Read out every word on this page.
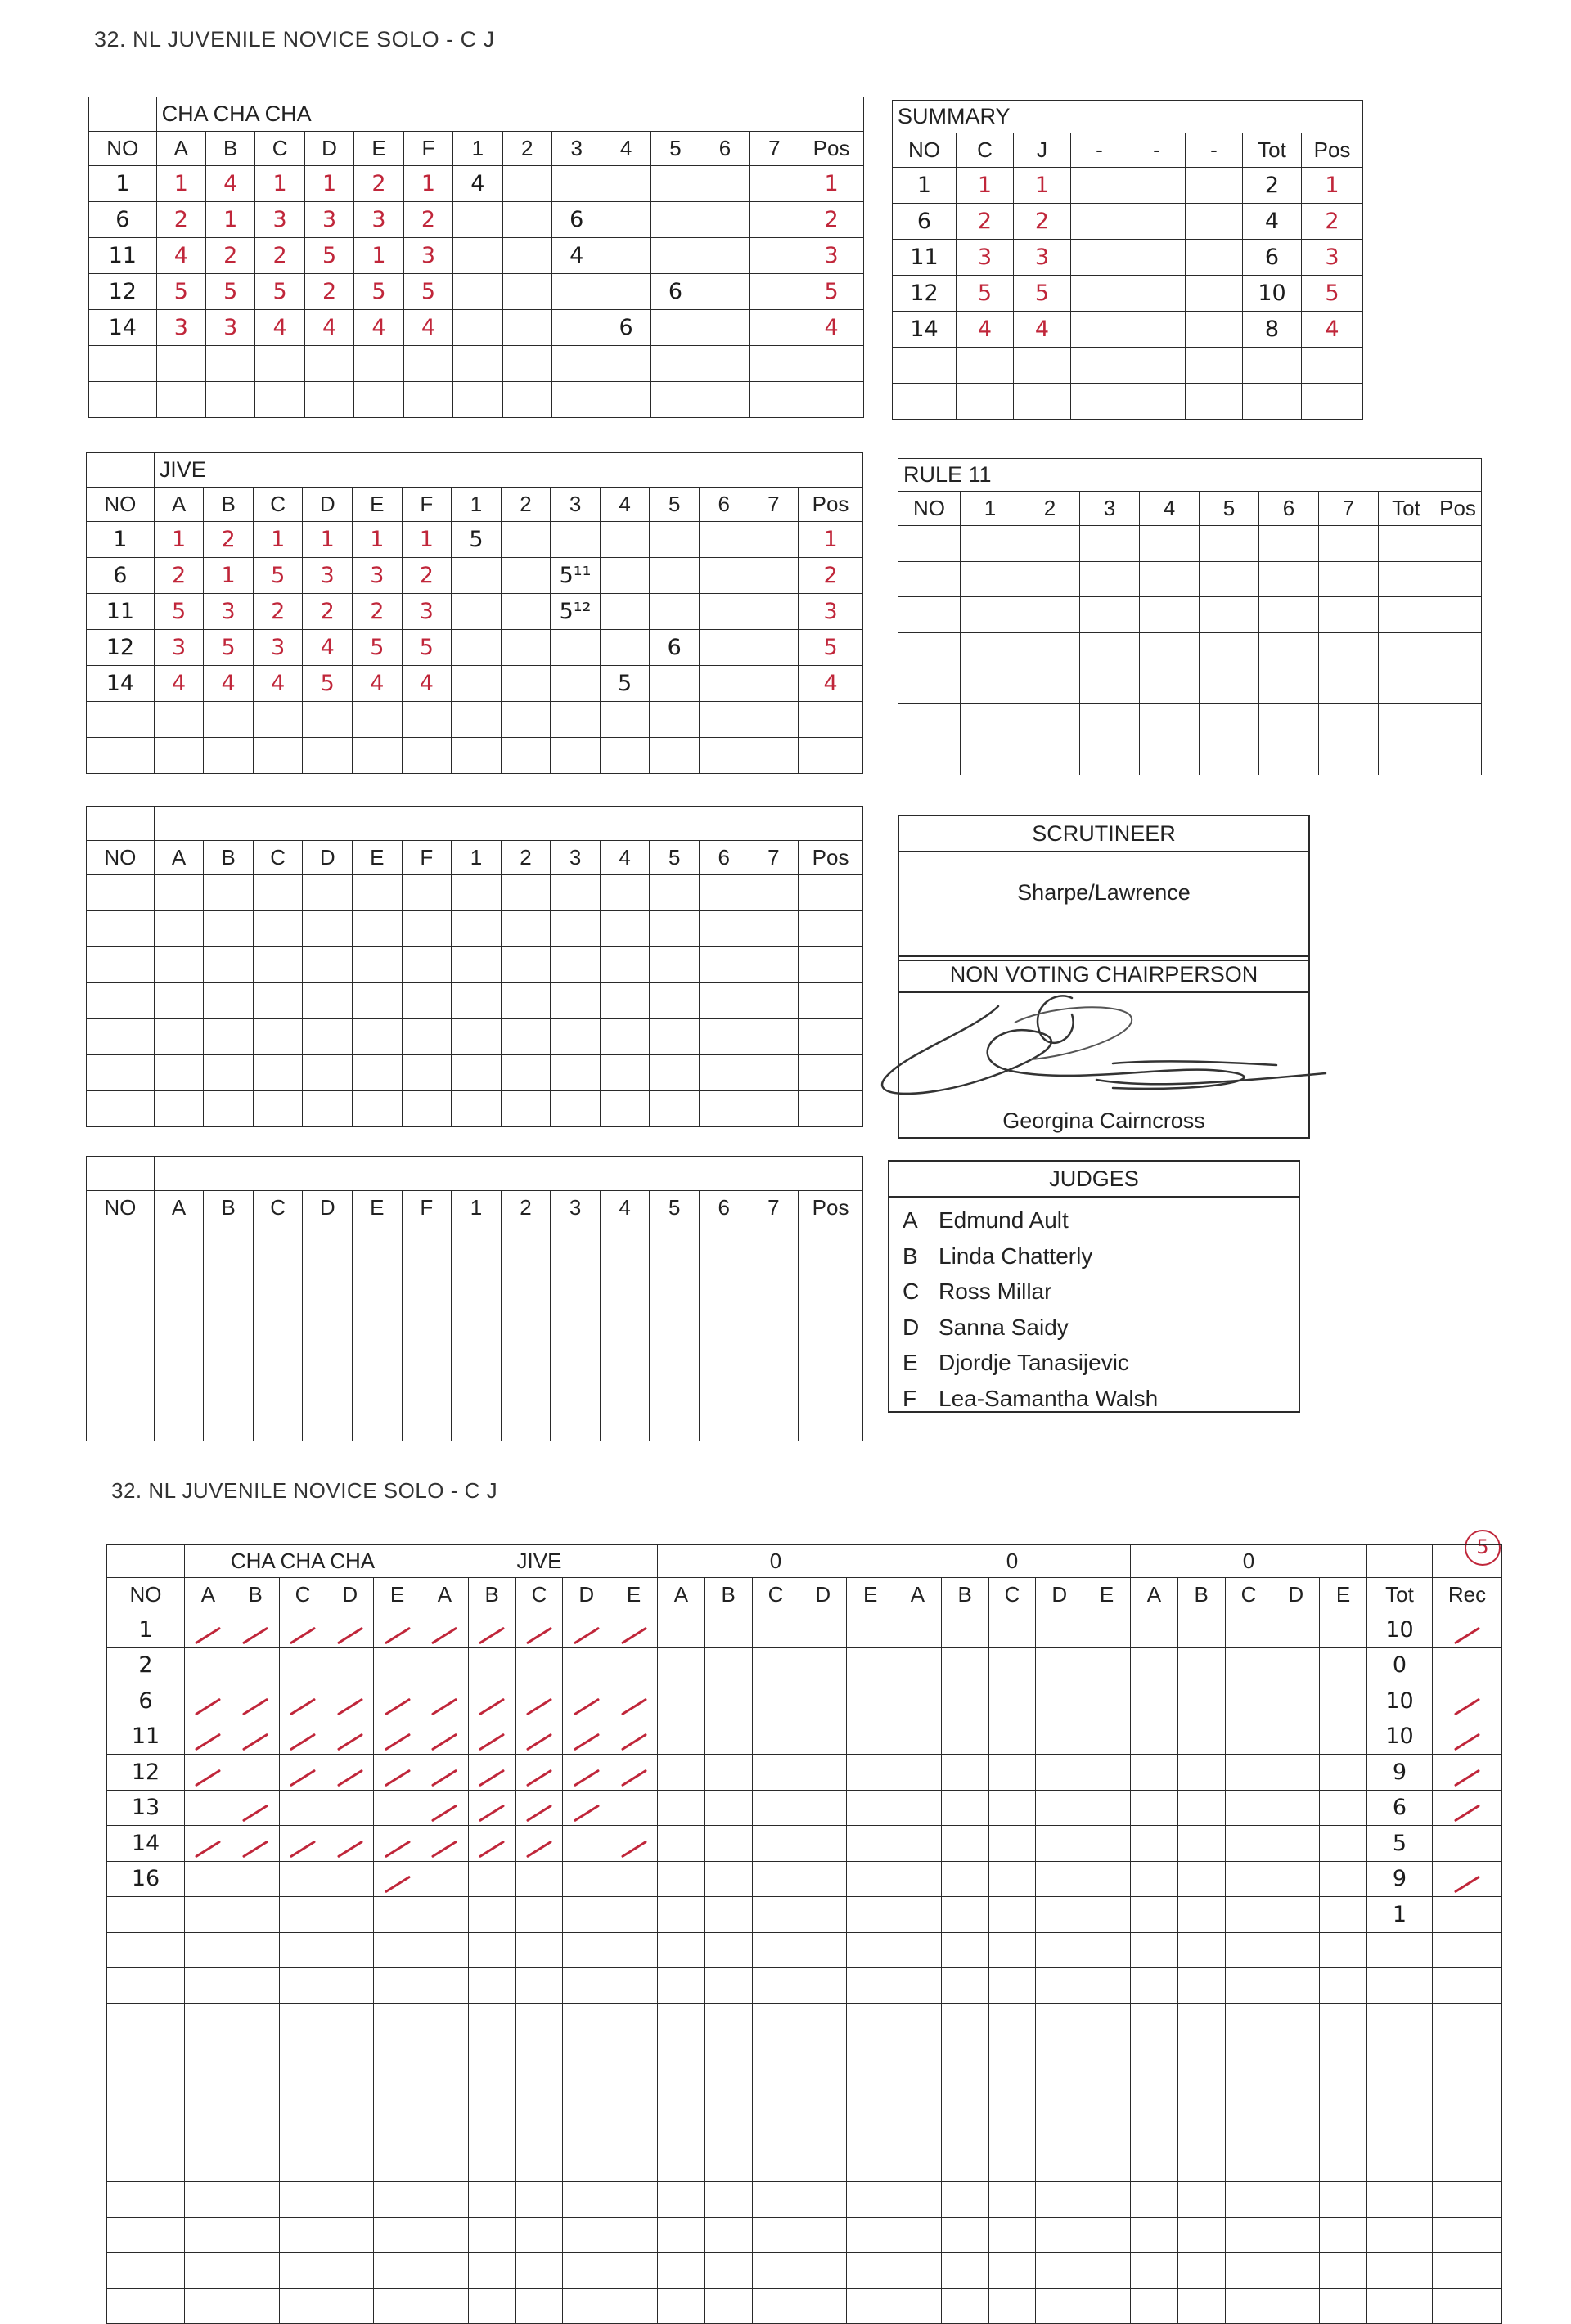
32. NL JUVENILE NOVICE SOLO - C J
	CHA CHA CHA													
NO	A	B	C	D	E	F	1	2	3	4	5	6	7	Pos
1	1	4	1	1	2	1	4							1
6	2	1	3	3	3	2			6					2
11	4	2	2	5	1	3			4					3
12	5	5	5	2	5	5					6			5
14	3	3	4	4	4	4				6				4

	JIVE													
NO	A	B	C	D	E	F	1	2	3	4	5	6	7	Pos
1	1	2	1	1	1	1	5							1
6	2	1	5	3	3	2			5¹¹					2
11	5	3	2	2	2	3			5¹²					3
12	3	5	3	4	5	5					6			5
14	4	4	4	5	4	4				5				4

NO	A	B	C	D	E	F	1	2	3	4	5	6	7	Pos

NO	A	B	C	D	E	F	1	2	3	4	5	6	7	Pos

SUMMARY							
NO	C	J	-	-	-	Tot	Pos
1	1	1				2	1
6	2	2				4	2
11	3	3				6	3
12	5	5				10	5
14	4	4				8	4

RULE 11									
NO	1	2	3	4	5	6	7	Tot	Pos

SCRUTINEER
Sharpe/Lawrence
NON VOTING CHAIRPERSON
Georgina Cairncross
JUDGES
A Edmund Ault
B Linda Chatterly
C Ross Millar
D Sanna Saidy
E Djordje Tanasijevic
F Lea-Samantha Walsh
32. NL JUVENILE NOVICE SOLO - C J
5
	CHA CHA CHA					JIVE					0					0					0						
NO	A	B	C	D	E	A	B	C	D	E	A	B	C	D	E	A	B	C	D	E	A	B	C	D	E	Tot	Rec
1																										10	
2																										0	
6																										10	
11																										10	
12																										9	
13																										6	
14																										5	
16																										9	
																										1	
